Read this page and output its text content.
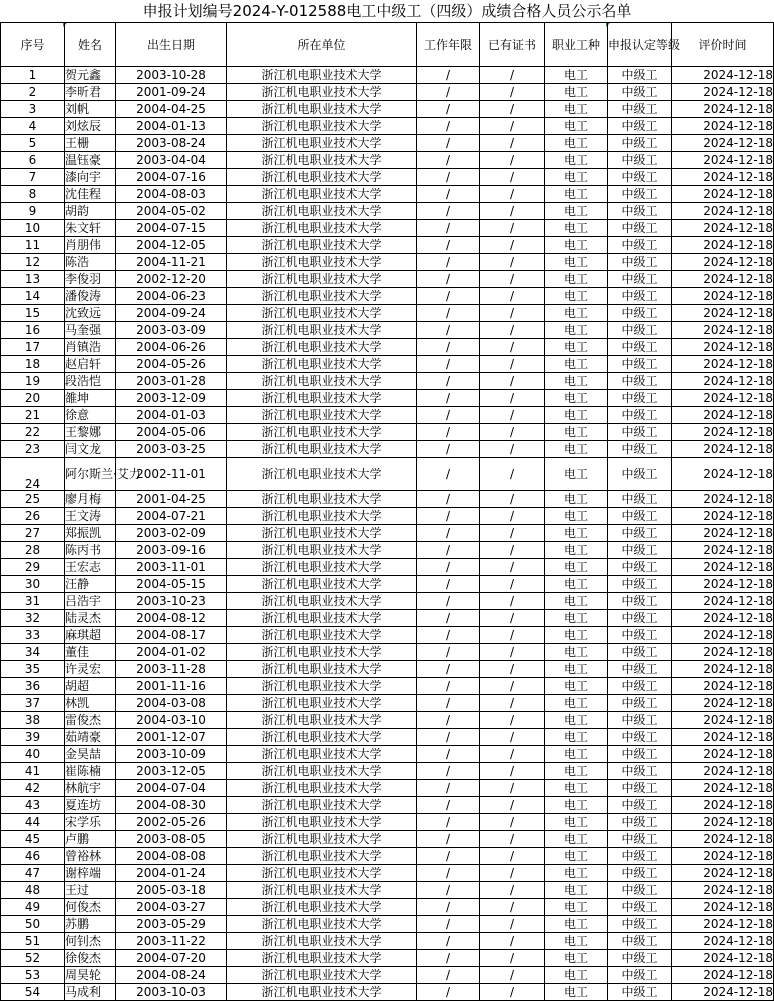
申报计划编号2024-Y-012588电工中级工（四级）成绩合格人员公示名单
序号	姓名	出生日期	所在单位	工作年限	已有证书	职业工种	申报认定等级	评价时间
1	贺元鑫	2003-10-28	浙江机电职业技术大学	/	/	电工	中级工	2024-12-18
2	李昕君	2001-09-24	浙江机电职业技术大学	/	/	电工	中级工	2024-12-18
3	刘帆	2004-04-25	浙江机电职业技术大学	/	/	电工	中级工	2024-12-18
4	刘炫辰	2004-01-13	浙江机电职业技术大学	/	/	电工	中级工	2024-12-18
5	王栅	2003-08-24	浙江机电职业技术大学	/	/	电工	中级工	2024-12-18
6	温钰豪	2003-04-04	浙江机电职业技术大学	/	/	电工	中级工	2024-12-18
7	漆向宇	2004-07-16	浙江机电职业技术大学	/	/	电工	中级工	2024-12-18
8	沈佳程	2004-08-03	浙江机电职业技术大学	/	/	电工	中级工	2024-12-18
9	胡韵	2004-05-02	浙江机电职业技术大学	/	/	电工	中级工	2024-12-18
10	朱文轩	2004-07-15	浙江机电职业技术大学	/	/	电工	中级工	2024-12-18
11	肖朋伟	2004-12-05	浙江机电职业技术大学	/	/	电工	中级工	2024-12-18
12	陈浩	2004-11-21	浙江机电职业技术大学	/	/	电工	中级工	2024-12-18
13	李俊羽	2002-12-20	浙江机电职业技术大学	/	/	电工	中级工	2024-12-18
14	潘俊涛	2004-06-23	浙江机电职业技术大学	/	/	电工	中级工	2024-12-18
15	沈致远	2004-09-24	浙江机电职业技术大学	/	/	电工	中级工	2024-12-18
16	马奎强	2003-03-09	浙江机电职业技术大学	/	/	电工	中级工	2024-12-18
17	肖镇浩	2004-06-26	浙江机电职业技术大学	/	/	电工	中级工	2024-12-18
18	赵启轩	2004-05-26	浙江机电职业技术大学	/	/	电工	中级工	2024-12-18
19	段浩恺	2003-01-28	浙江机电职业技术大学	/	/	电工	中级工	2024-12-18
20	雒坤	2003-12-09	浙江机电职业技术大学	/	/	电工	中级工	2024-12-18
21	徐意	2004-01-03	浙江机电职业技术大学	/	/	电工	中级工	2024-12-18
22	王黎娜	2004-05-06	浙江机电职业技术大学	/	/	电工	中级工	2024-12-18
23	闫文龙	2003-03-25	浙江机电职业技术大学	/	/	电工	中级工	2024-12-18
24	阿尔斯兰·艾力	2002-11-01	浙江机电职业技术大学	/	/	电工	中级工	2024-12-18
25	廖月梅	2001-04-25	浙江机电职业技术大学	/	/	电工	中级工	2024-12-18
26	王文涛	2004-07-21	浙江机电职业技术大学	/	/	电工	中级工	2024-12-18
27	郑振凯	2003-02-09	浙江机电职业技术大学	/	/	电工	中级工	2024-12-18
28	陈丙书	2003-09-16	浙江机电职业技术大学	/	/	电工	中级工	2024-12-18
29	王宏志	2003-11-01	浙江机电职业技术大学	/	/	电工	中级工	2024-12-18
30	汪静	2004-05-15	浙江机电职业技术大学	/	/	电工	中级工	2024-12-18
31	吕浩宇	2003-10-23	浙江机电职业技术大学	/	/	电工	中级工	2024-12-18
32	陆灵杰	2004-08-12	浙江机电职业技术大学	/	/	电工	中级工	2024-12-18
33	麻琪超	2004-08-17	浙江机电职业技术大学	/	/	电工	中级工	2024-12-18
34	董佳	2004-01-02	浙江机电职业技术大学	/	/	电工	中级工	2024-12-18
35	许灵宏	2003-11-28	浙江机电职业技术大学	/	/	电工	中级工	2024-12-18
36	胡超	2001-11-16	浙江机电职业技术大学	/	/	电工	中级工	2024-12-18
37	林凯	2004-03-08	浙江机电职业技术大学	/	/	电工	中级工	2024-12-18
38	雷俊杰	2004-03-10	浙江机电职业技术大学	/	/	电工	中级工	2024-12-18
39	茹靖豪	2001-12-07	浙江机电职业技术大学	/	/	电工	中级工	2024-12-18
40	金昊喆	2003-10-09	浙江机电职业技术大学	/	/	电工	中级工	2024-12-18
41	崔陈楠	2003-12-05	浙江机电职业技术大学	/	/	电工	中级工	2024-12-18
42	林航宇	2004-07-04	浙江机电职业技术大学	/	/	电工	中级工	2024-12-18
43	夏连坊	2004-08-30	浙江机电职业技术大学	/	/	电工	中级工	2024-12-18
44	宋学乐	2002-05-26	浙江机电职业技术大学	/	/	电工	中级工	2024-12-18
45	卢鹏	2003-08-05	浙江机电职业技术大学	/	/	电工	中级工	2024-12-18
46	曾裕林	2004-08-08	浙江机电职业技术大学	/	/	电工	中级工	2024-12-18
47	谢梓端	2004-01-24	浙江机电职业技术大学	/	/	电工	中级工	2024-12-18
48	王过	2005-03-18	浙江机电职业技术大学	/	/	电工	中级工	2024-12-18
49	何俊杰	2004-03-27	浙江机电职业技术大学	/	/	电工	中级工	2024-12-18
50	苏鹏	2003-05-29	浙江机电职业技术大学	/	/	电工	中级工	2024-12-18
51	何钊杰	2003-11-22	浙江机电职业技术大学	/	/	电工	中级工	2024-12-18
52	徐俊杰	2004-07-20	浙江机电职业技术大学	/	/	电工	中级工	2024-12-18
53	周昊轮	2004-08-24	浙江机电职业技术大学	/	/	电工	中级工	2024-12-18
54	马成利	2003-10-03	浙江机电职业技术大学	/	/	电工	中级工	2024-12-18
